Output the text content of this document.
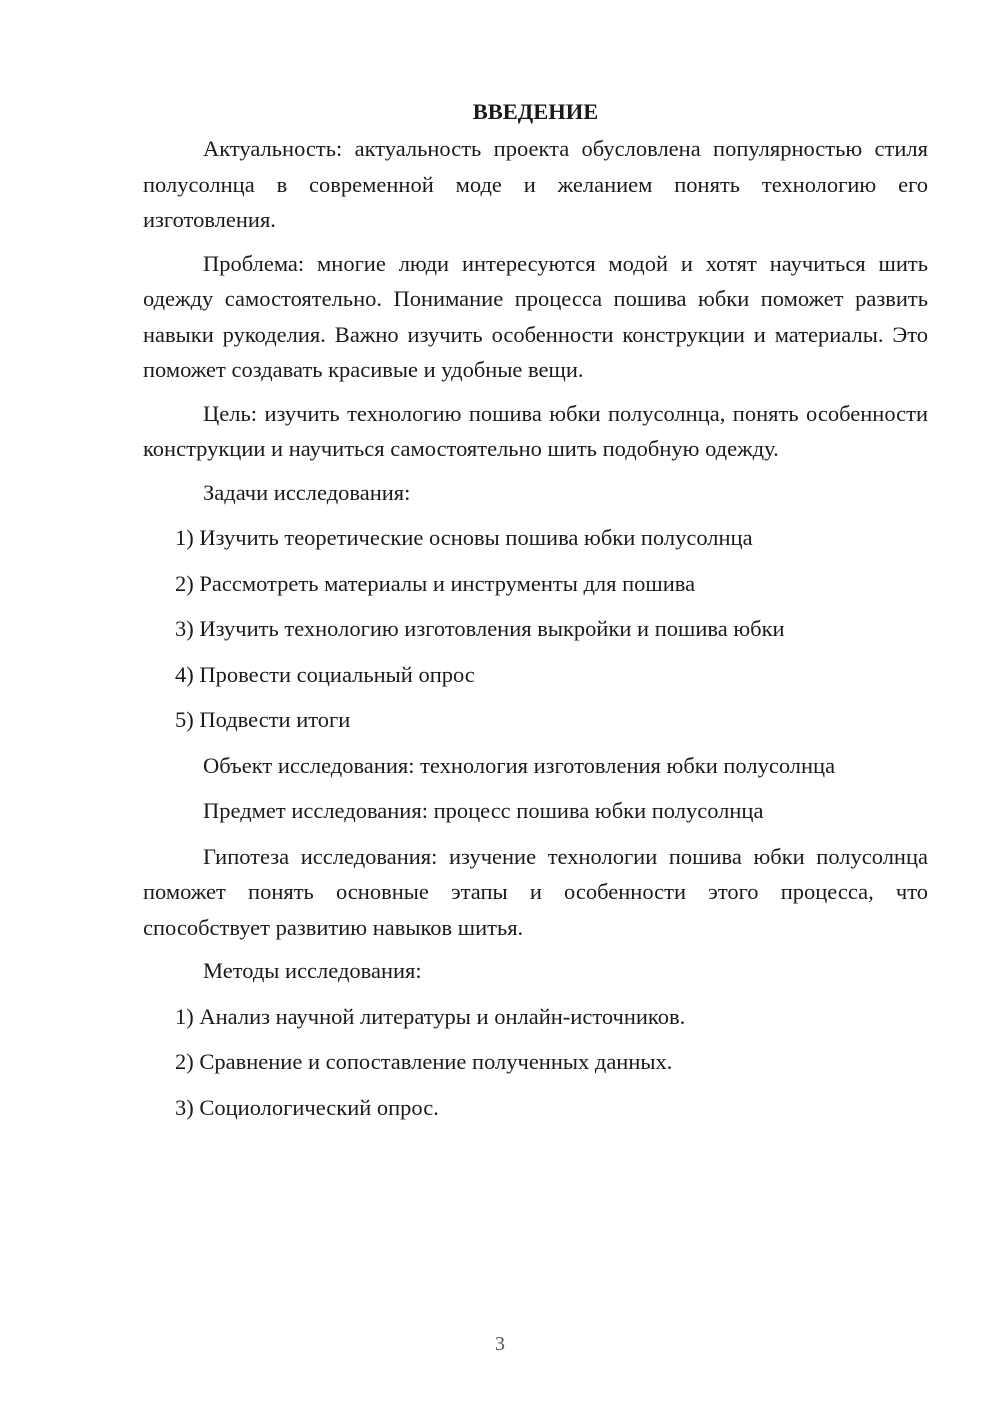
ВВЕДЕНИЕ

Актуальность: актуальность проекта обусловлена популярностью стиля полусолнца в современной моде и желанием понять технологию его изготовления.

Проблема: многие люди интересуются модой и хотят научиться шить одежду самостоятельно. Понимание процесса пошива юбки поможет развить навыки рукоделия. Важно изучить особенности конструкции и материалы. Это поможет создавать красивые и удобные вещи.

Цель: изучить технологию пошива юбки полусолнца, понять особенности конструкции и научиться самостоятельно шить подобную одежду.

Задачи исследования:

1) Изучить теоретические основы пошива юбки полусолнца

2) Рассмотреть материалы и инструменты для пошива

3) Изучить технологию изготовления выкройки и пошива юбки

4) Провести социальный опрос

5) Подвести итоги

Объект исследования: технология изготовления юбки полусолнца

Предмет исследования: процесс пошива юбки полусолнца

Гипотеза исследования: изучение технологии пошива юбки полусолнца поможет понять основные этапы и особенности этого процесса, что способствует развитию навыков шитья.

Методы исследования:

1) Анализ научной литературы и онлайн-источников.

2) Сравнение и сопоставление полученных данных.

3) Социологический опрос.

3
